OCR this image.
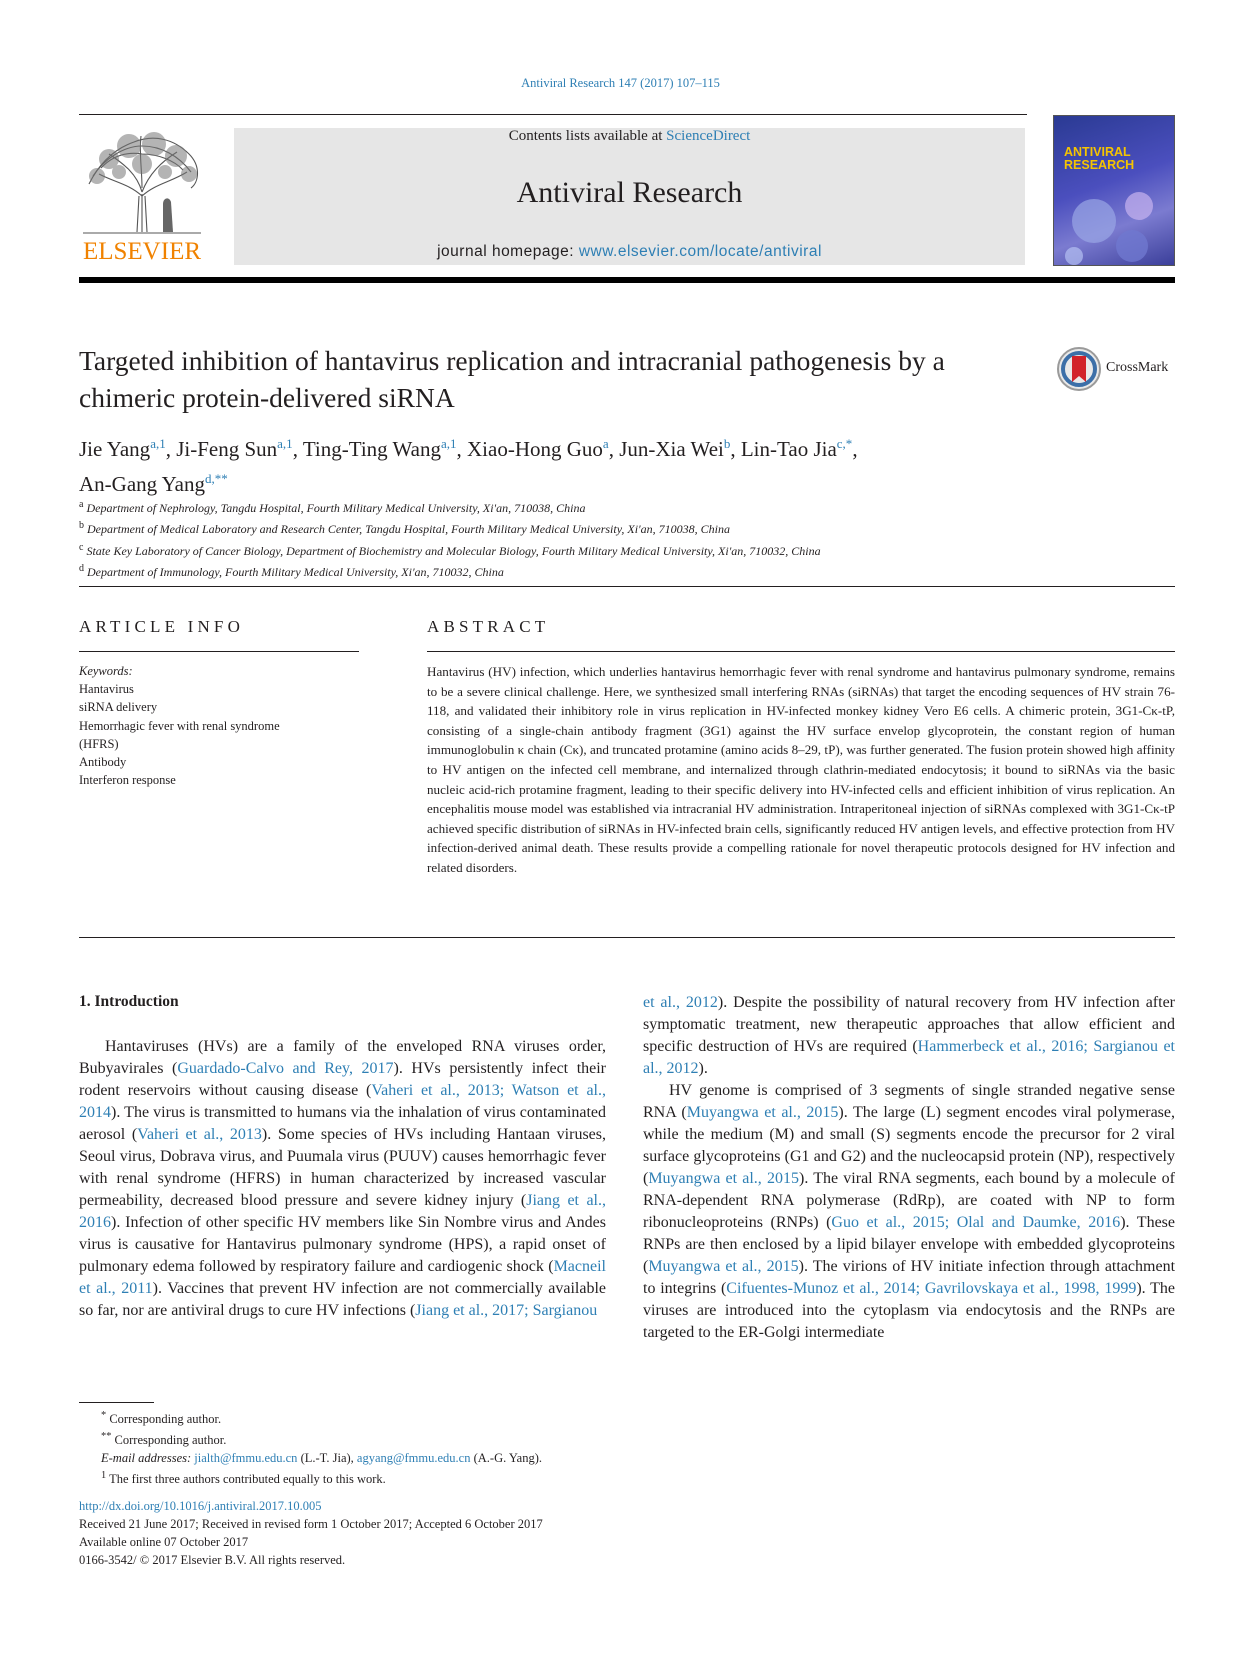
Antiviral Research 147 (2017) 107–115
ELSEVIER
Contents lists available at ScienceDirect
Antiviral Research
journal homepage: www.elsevier.com/locate/antiviral
ANTIVIRAL
RESEARCH
Targeted inhibition of hantavirus replication and intracranial pathogenesis by a chimeric protein-delivered siRNA
CrossMark
Jie Yang$^{a,1}$, Ji-Feng Sun$^{a,1}$, Ting-Ting Wang$^{a,1}$, Xiao-Hong Guo$^a$, Jun-Xia Wei$^b$, Lin-Tao Jia$^{c,*}$,
An-Gang Yang$^{d,**}$
$^a$ Department of Nephrology, Tangdu Hospital, Fourth Military Medical University, Xi'an, 710038, China
$^b$ Department of Medical Laboratory and Research Center, Tangdu Hospital, Fourth Military Medical University, Xi'an, 710038, China
$^c$ State Key Laboratory of Cancer Biology, Department of Biochemistry and Molecular Biology, Fourth Military Medical University, Xi'an, 710032, China
$^d$ Department of Immunology, Fourth Military Medical University, Xi'an, 710032, China
ARTICLE INFO	ABSTRACT
Keywords:
Hantavirus
siRNA delivery
Hemorrhagic fever with renal syndrome
(HFRS)
Antibody
Interferon response
Hantavirus (HV) infection, which underlies hantavirus hemorrhagic fever with renal syndrome and hantavirus pulmonary syndrome, remains to be a severe clinical challenge. Here, we synthesized small interfering RNAs (siRNAs) that target the encoding sequences of HV strain 76-118, and validated their inhibitory role in virus replication in HV-infected monkey kidney Vero E6 cells. A chimeric protein, 3G1-Cκ-tP, consisting of a single-chain antibody fragment (3G1) against the HV surface envelop glycoprotein, the constant region of human immunoglobulin κ chain (Cκ), and truncated protamine (amino acids 8–29, tP), was further generated. The fusion protein showed high affinity to HV antigen on the infected cell membrane, and internalized through clathrin-mediated endocytosis; it bound to siRNAs via the basic nucleic acid-rich protamine fragment, leading to their specific delivery into HV-infected cells and efficient inhibition of virus replication. An encephalitis mouse model was established via intracranial HV administration. Intraperitoneal injection of siRNAs complexed with 3G1-Cκ-tP achieved specific distribution of siRNAs in HV-infected brain cells, significantly reduced HV antigen levels, and effective protection from HV infection-derived animal death. These results provide a compelling rationale for novel therapeutic protocols designed for HV infection and related disorders.
1. Introduction

Hantaviruses (HVs) are a family of the enveloped RNA viruses order, Bubyavirales (Guardado-Calvo and Rey, 2017). HVs persistently infect their rodent reservoirs without causing disease (Vaheri et al., 2013; Watson et al., 2014). The virus is transmitted to humans via the inhalation of virus contaminated aerosol (Vaheri et al., 2013). Some species of HVs including Hantaan viruses, Seoul virus, Dobrava virus, and Puumala virus (PUUV) causes hemorrhagic fever with renal syndrome (HFRS) in human characterized by increased vascular permeability, decreased blood pressure and severe kidney injury (Jiang et al., 2016). Infection of other specific HV members like Sin Nombre virus and Andes virus is causative for Hantavirus pulmonary syndrome (HPS), a rapid onset of pulmonary edema followed by respiratory failure and cardiogenic shock (Macneil et al., 2011). Vaccines that prevent HV infection are not commercially available so far, nor are antiviral drugs to cure HV infections (Jiang et al., 2017; Sargianou

et al., 2012). Despite the possibility of natural recovery from HV infection after symptomatic treatment, new therapeutic approaches that allow efficient and specific destruction of HVs are required (Hammerbeck et al., 2016; Sargianou et al., 2012).

HV genome is comprised of 3 segments of single stranded negative sense RNA (Muyangwa et al., 2015). The large (L) segment encodes viral polymerase, while the medium (M) and small (S) segments encode the precursor for 2 viral surface glycoproteins (G1 and G2) and the nucleocapsid protein (NP), respectively (Muyangwa et al., 2015). The viral RNA segments, each bound by a molecule of RNA-dependent RNA polymerase (RdRp), are coated with NP to form ribonucleoproteins (RNPs) (Guo et al., 2015; Olal and Daumke, 2016). These RNPs are then enclosed by a lipid bilayer envelope with embedded glycoproteins (Muyangwa et al., 2015). The virions of HV initiate infection through attachment to integrins (Cifuentes-Munoz et al., 2014; Gavrilovskaya et al., 1998, 1999). The viruses are introduced into the cytoplasm via endocytosis and the RNPs are targeted to the ER-Golgi intermediate

* Corresponding author.
** Corresponding author.
E-mail addresses: jialth@fmmu.edu.cn (L.-T. Jia), agyang@fmmu.edu.cn (A.-G. Yang).
$^1$ The first three authors contributed equally to this work.
http://dx.doi.org/10.1016/j.antiviral.2017.10.005
Received 21 June 2017; Received in revised form 1 October 2017; Accepted 6 October 2017
Available online 07 October 2017
0166-3542/ © 2017 Elsevier B.V. All rights reserved.
